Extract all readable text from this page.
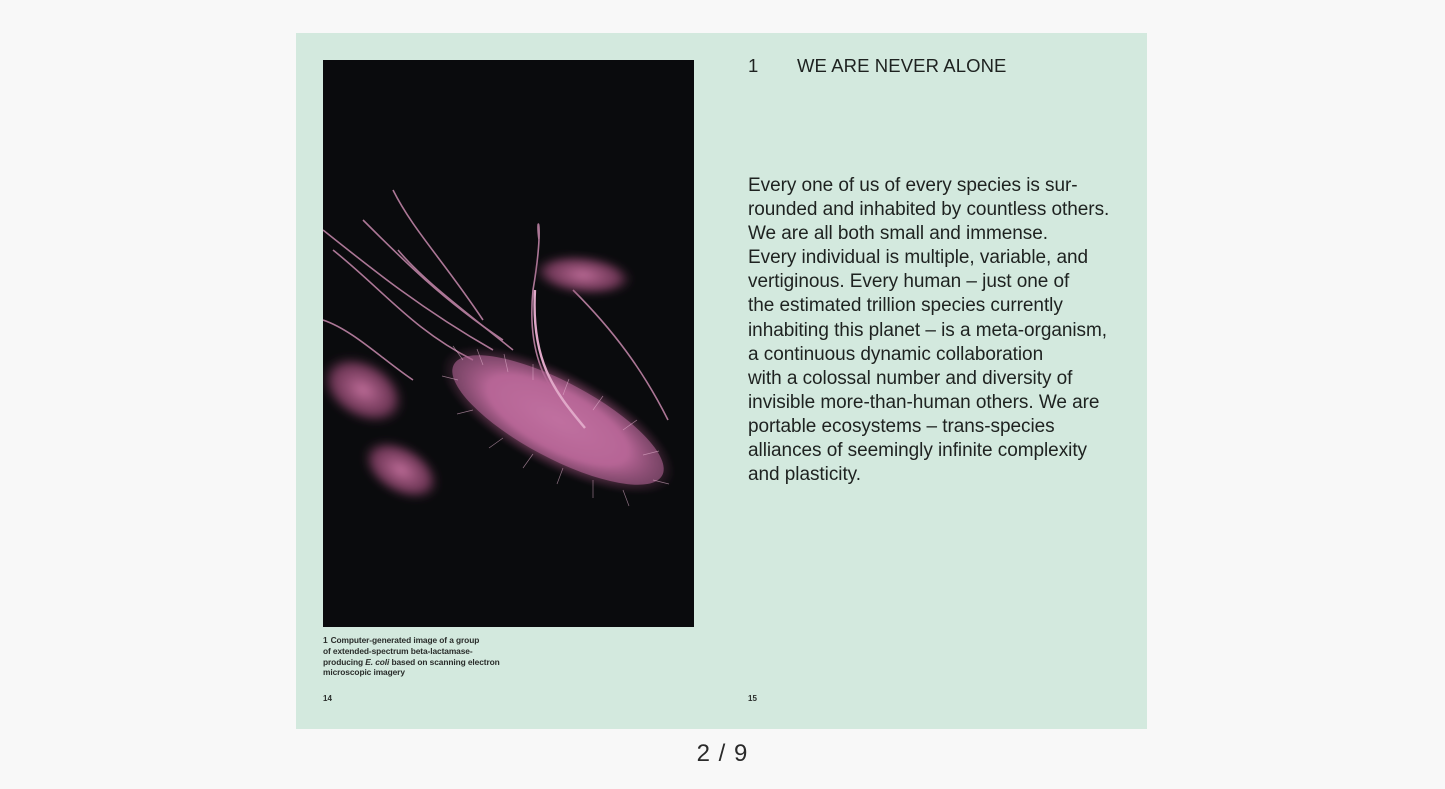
1 Computer-generated image of a group
of extended-spectrum beta-lactamase-
producing E. coli based on scanning electron
microscopic imagery
14
1 WE ARE NEVER ALONE
Every one of us of every species is sur-
rounded and inhabited by countless others.
We are all both small and immense.
Every individual is multiple, variable, and
vertiginous. Every human – just one of
the estimated trillion species currently
inhabiting this planet – is a meta-organism,
a continuous dynamic collaboration
with a colossal number and diversity of
invisible more-than-human others. We are
portable ecosystems – trans-species
alliances of seemingly infinite complexity
and plasticity.
15
2 / 9
